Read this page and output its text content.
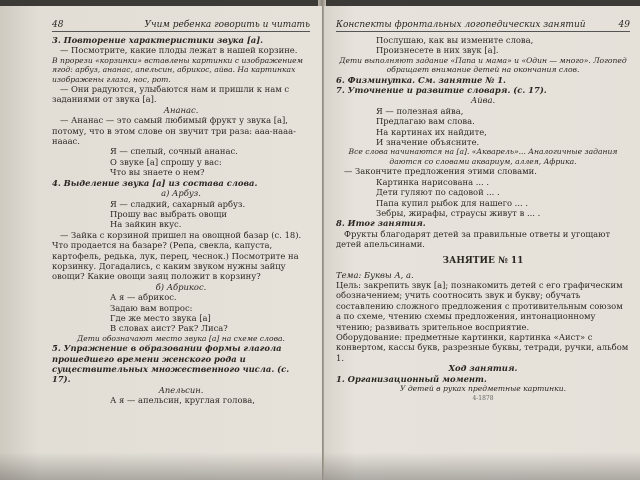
48	Учим ребенка говорить и читать

3. Повторение характеристики звука [а].

— Посмотрите, какие плоды лежат в нашей корзине.

В прорези «корзинки» вставлены картинки с изображением ягод: арбуз, ананас, апельсин, абрикос, айва. На картинках изображены глаза, нос, рот.

— Они радуются, улыбаются нам и пришли к нам с заданиями от звука [а].

Ананас.

— Ананас — это самый любимый фрукт у звука [а], потому, что в этом слове он звучит три раза: ааа-нааа-нааас.

Я — спелый, сочный ананас.
О звуке [а] спрошу у вас:
Что вы знаете о нем?

4. Выделение звука [а] из состава слова.

а) Арбуз.

Я — сладкий, сахарный арбуз.
Прошу вас выбрать овощи
На зайкин вкус.

— Зайка с корзиной пришел на овощной базар (с. 18). Что продается на базаре? (Репа, свекла, капуста, картофель, редька, лук, перец, чеснок.) Посмотрите на корзинку. Догадались, с каким звуком нужны зайцу овощи? Какие овощи заяц положит в корзину?

б) Абрикос.

А я — абрикос.
Задаю вам вопрос:
Где же место звука [а]
В словах аист? Рак? Лиса?

Дети обозначают место звука [а] на схеме слова.

5. Упражнение в образовании формы глагола прошедшего времени женского рода и существительных множественного числа. (с. 17).

Апельсин.

А я — апельсин, круглая голова,

Конспекты фронтальных логопедических занятий	49

Послушаю, как вы измените слова,
Произнесете в них звук [а].

Дети выполняют задание «Папа и мама» и «Один — много». Логопед обращает внимание детей на окончания слов.

6. Физминутка. См. занятие № 1.

7. Уточнение и развитие словаря. (с. 17).

Айва.

Я — полезная айва,
Предлагаю вам слова.
На картинах их найдите,
И значение объясните.

Все слова начинаются на [а]. «Акварель»... Аналогичные задания даются со словами аквариум, аллея, Африка.

— Закончите предложения этими словами.

Картинка нарисована ... .
Дети гуляют по садовой ... .
Папа купил рыбок для нашего ... .
Зебры, жирафы, страусы живут в ... .

8. Итог занятия.

Фрукты благодарят детей за правильные ответы и угощают детей апельсинами.

ЗАНЯТИЕ № 11

Тема: Буквы А, а.

Цель: закрепить звук [а]; познакомить детей с его графическим обозначением; учить соотносить звук и букву; обучать составлению сложного предложения с противительным союзом а по схеме, чтению схемы предложения, интонационному чтению; развивать зрительное восприятие.

Оборудование: предметные картинки, картинка «Аист» с конвертом, кассы букв, разрезные буквы, тетради, ручки, альбом 1.

Ход занятия.

1. Организационный момент.

У детей в руках предметные картинки.

4-1878
